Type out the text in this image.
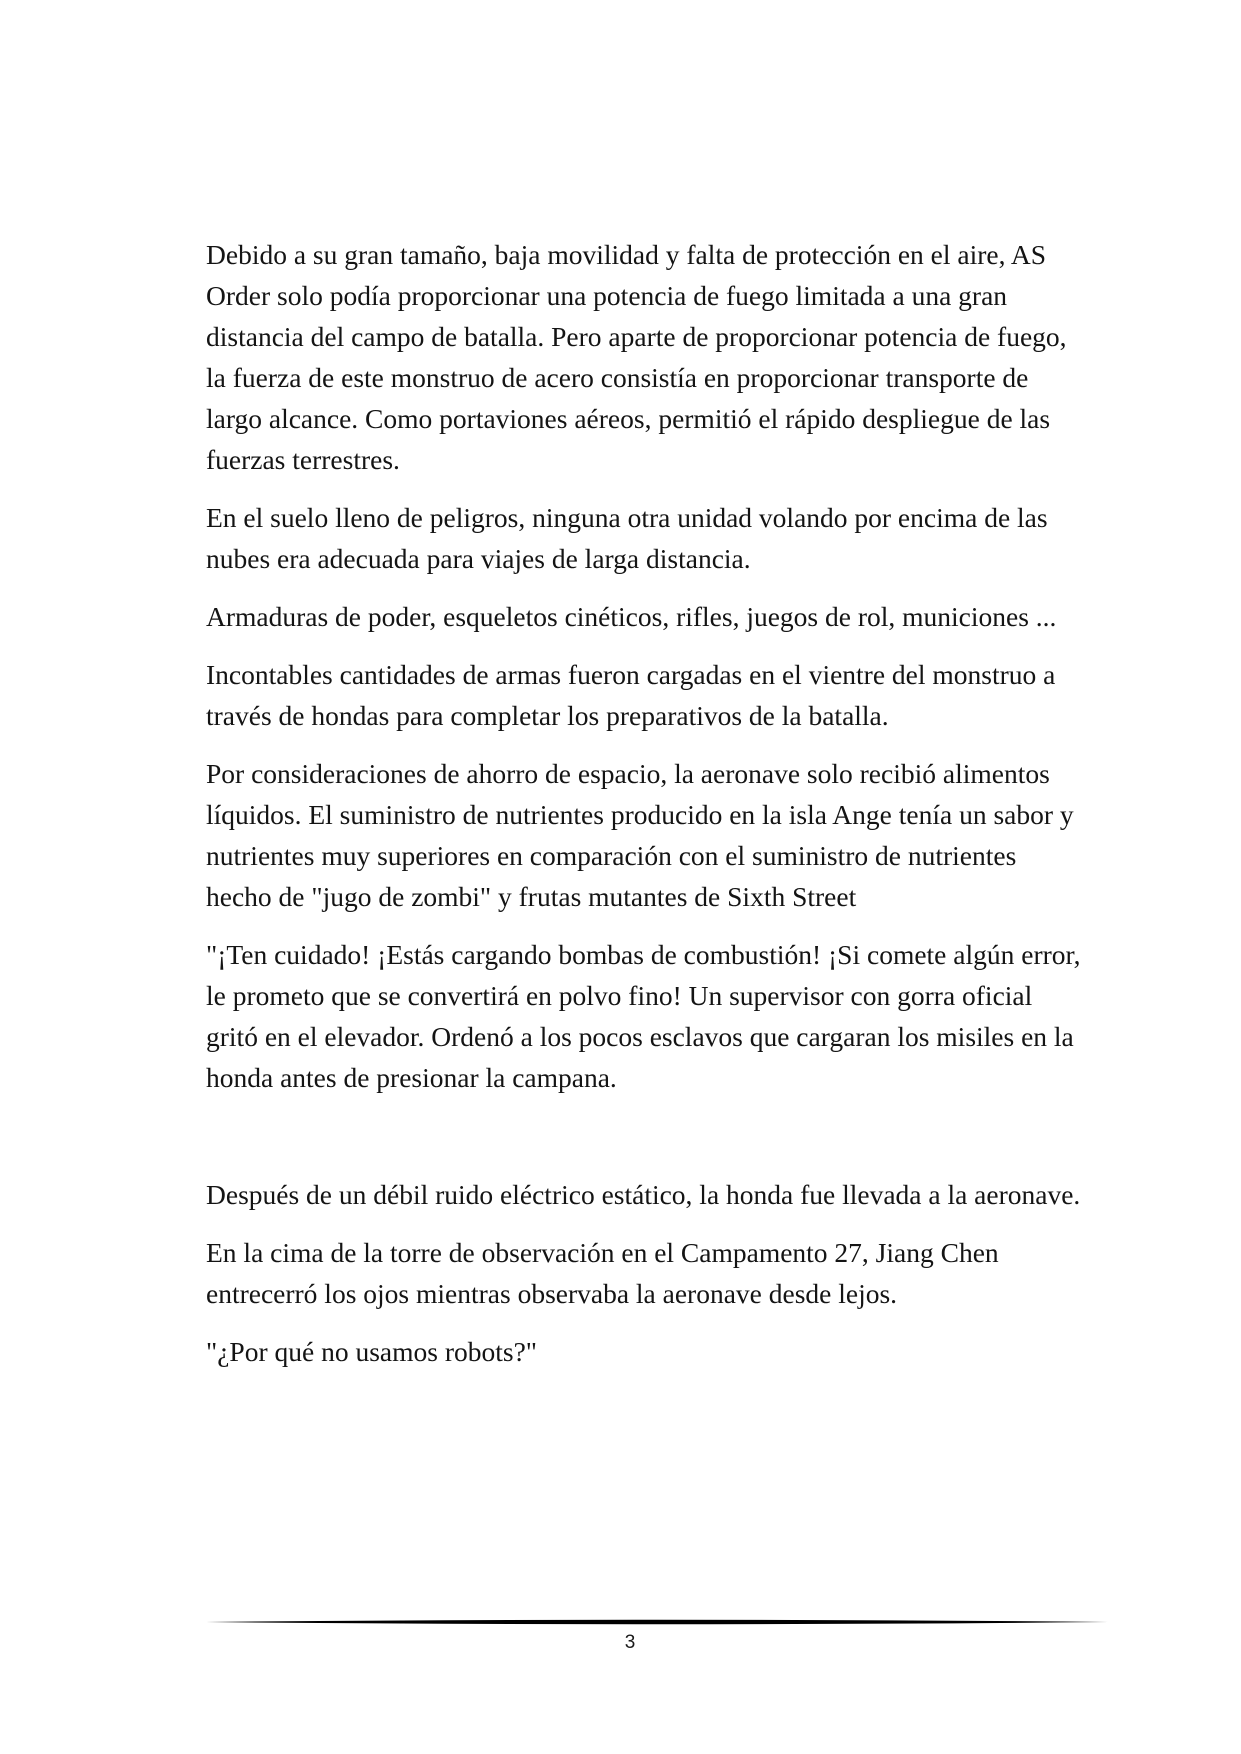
Debido a su gran tamaño, baja movilidad y falta de protección en el aire, AS Order solo podía proporcionar una potencia de fuego limitada a una gran distancia del campo de batalla. Pero aparte de proporcionar potencia de fuego, la fuerza de este monstruo de acero consistía en proporcionar transporte de largo alcance. Como portaviones aéreos, permitió el rápido despliegue de las fuerzas terrestres.

En el suelo lleno de peligros, ninguna otra unidad volando por encima de las nubes era adecuada para viajes de larga distancia.

Armaduras de poder, esqueletos cinéticos, rifles, juegos de rol, municiones ...

Incontables cantidades de armas fueron cargadas en el vientre del monstruo a través de hondas para completar los preparativos de la batalla.

Por consideraciones de ahorro de espacio, la aeronave solo recibió alimentos líquidos. El suministro de nutrientes producido en la isla Ange tenía un sabor y nutrientes muy superiores en comparación con el suministro de nutrientes hecho de "jugo de zombi" y frutas mutantes de Sixth Street

"¡Ten cuidado! ¡Estás cargando bombas de combustión! ¡Si comete algún error, le prometo que se convertirá en polvo fino! Un supervisor con gorra oficial gritó en el elevador. Ordenó a los pocos esclavos que cargaran los misiles en la honda antes de presionar la campana.

Después de un débil ruido eléctrico estático, la honda fue llevada a la aeronave.

En la cima de la torre de observación en el Campamento 27, Jiang Chen entrecerró los ojos mientras observaba la aeronave desde lejos.

"¿Por qué no usamos robots?"

3
